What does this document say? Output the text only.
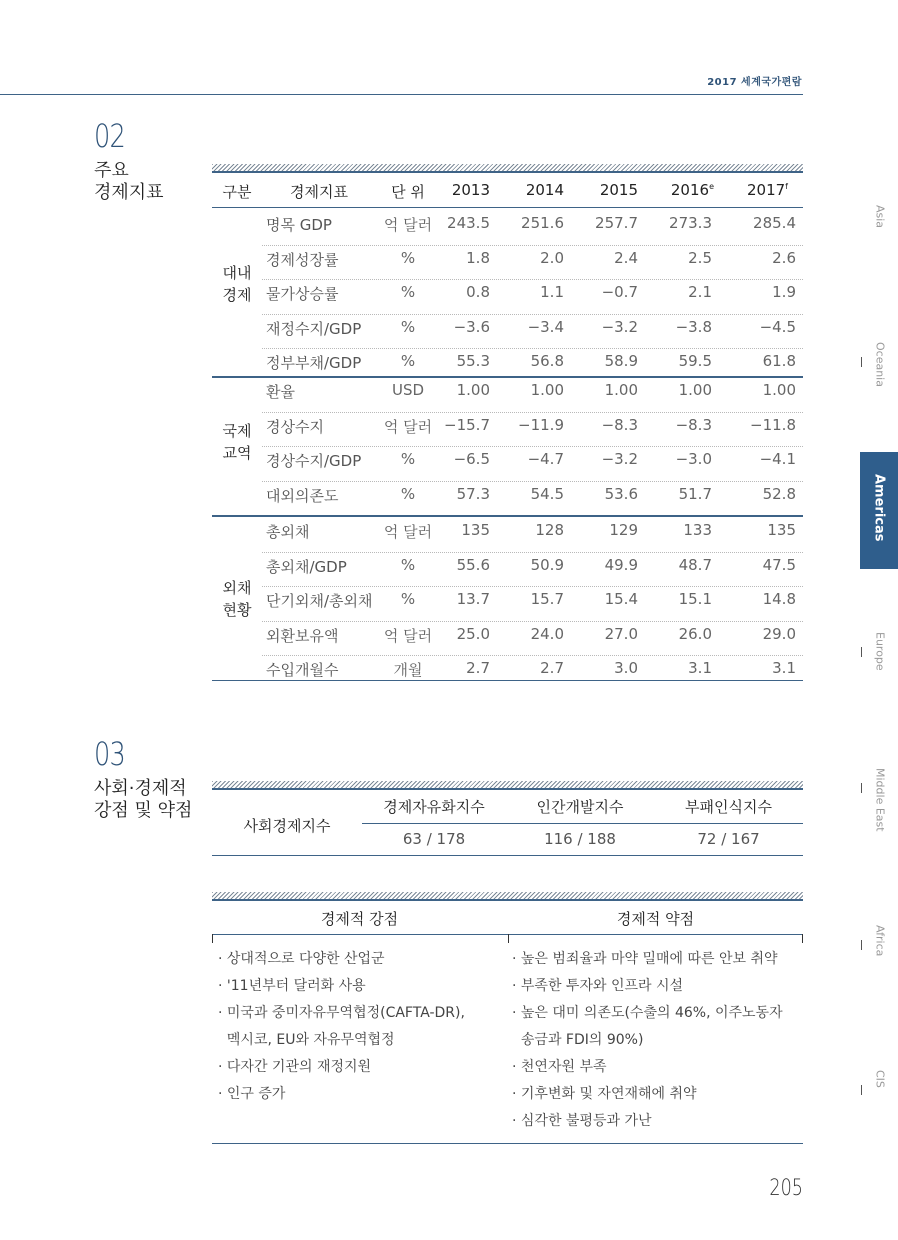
2017 세계국가편람
02
주요
경제지표	구분	경제지표	단 위	2013	2014	2015	2016e	2017$^f$
대내
경제
명목 GDP	억 달러 243.5	251.6	257.7	273.3	285.4
경제성장률	%	1.8	2.0	2.4	2.5	2.6
물가상승률	%	0.8	1.1	−0.7	2.1	1.9
재정수지/GDP	%	−3.6	−3.4	−3.2	−3.8	−4.5
정부부채/GDP	%	55.3	56.8	58.9	59.5	61.8
국제
교역
환율	USD	1.00	1.00	1.00	1.00	1.00
경상수지	억 달러 −15.7	−11.9	−8.3	−8.3	−11.8
경상수지/GDP	%	−6.5	−4.7	−3.2	−3.0	−4.1
대외의존도	%	57.3	54.5	53.6	51.7	52.8
외채
현황
총외채	억 달러	135	128	129	133	135
총외채/GDP	%	55.6	50.9	49.9	48.7	47.5
단기외채/총외채	%	13.7	15.7	15.4	15.1	14.8
외환보유액	억 달러	25.0	24.0	27.0	26.0	29.0
수입개월수	개월	2.7	2.7	3.0	3.1	3.1
03
사회·경제적
강점 및 약점
사회경제지수
경제자유화지수	인간개발지수	부패인식지수
63 / 178	116 / 188	72 / 167
경제적 강점	경제적 약점
· 상대적으로 다양한 산업군
· '11년부터 달러화 사용
· 미국과 중미자유무역협정(CAFTA-DR),
멕시코, EU와 자유무역협정
· 다자간 기관의 재정지원
· 인구 증가
· 높은 범죄율과 마약 밀매에 따른 안보 취약
· 부족한 투자와 인프라 시설
· 높은 대미 의존도(수출의 46%, 이주노동자
송금과 FDI의 90%)
· 천연자원 부족
· 기후변화 및 자연재해에 취약
· 심각한 불평등과 가난
Asia
Oceania
Americas
Europe
Middle East
Africa
CIS
205
